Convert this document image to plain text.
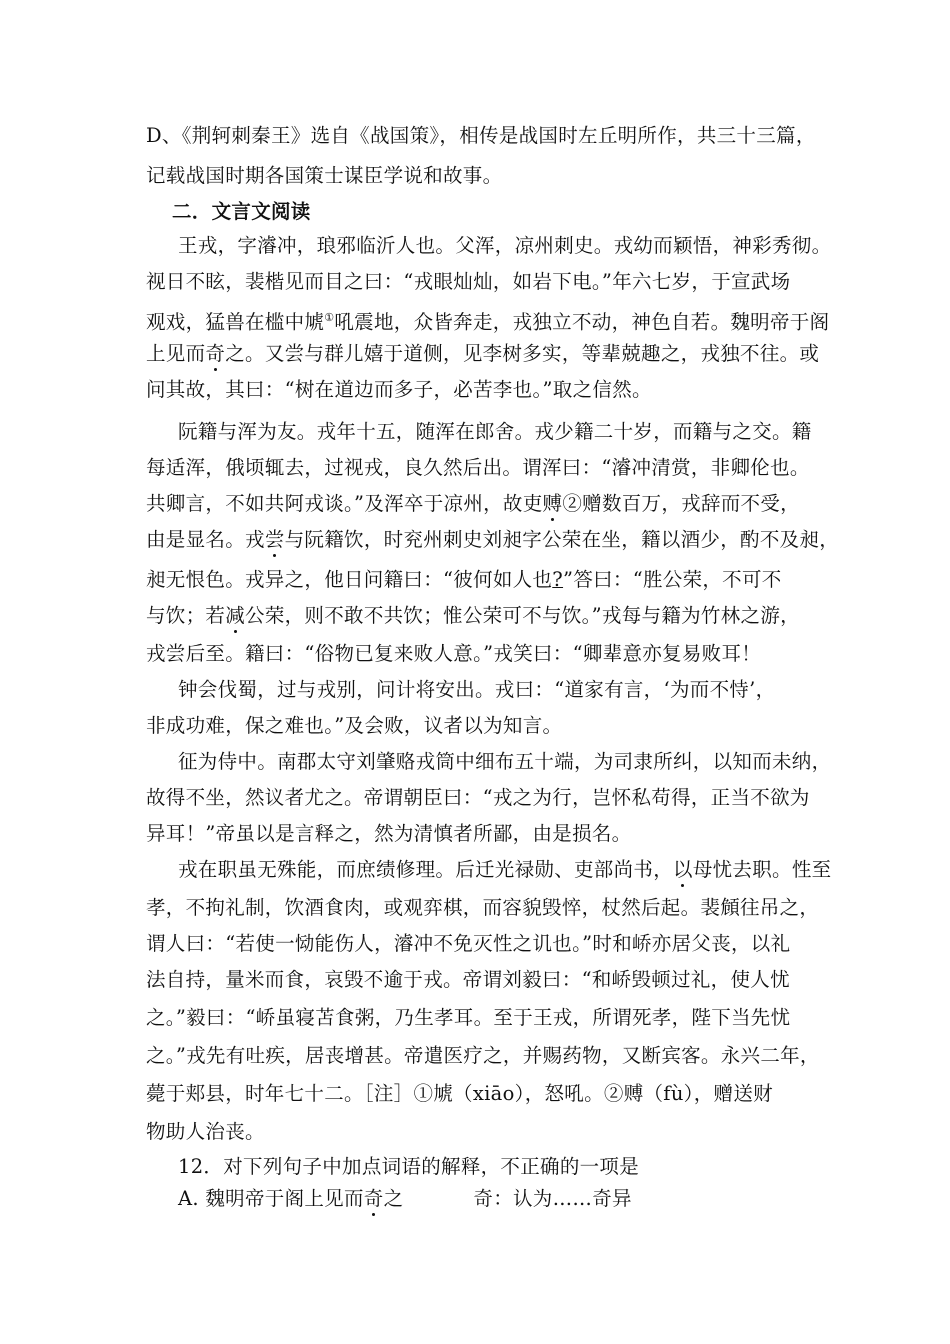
D、《荆轲刺秦王》选自《战国策》，相传是战国时左丘明所作，共三十三篇，
记载战国时期各国策士谋臣学说和故事。
二．文言文阅读
王戎，字濬冲，琅邪临沂人也。父浑，凉州刺史。戎幼而颖悟，神彩秀彻。
视日不眩，裴楷见而目之曰：“戎眼灿灿，如岩下电。”年六七岁，于宣武场
观戏，猛兽在槛中虓①吼震地，众皆奔走，戎独立不动，神色自若。魏明帝于阁
上见而奇之。又尝与群儿嬉于道侧，见李树多实，等辈兢趣之，戎独不往。或
问其故，其曰：“树在道边而多子，必苦李也。”取之信然。
阮籍与浑为友。戎年十五，随浑在郎舍。戎少籍二十岁，而籍与之交。籍
每适浑，俄顷辄去，过视戎，良久然后出。谓浑曰：“濬冲清赏，非卿伦也。
共卿言，不如共阿戎谈。”及浑卒于凉州，故吏赙②赠数百万，戎辞而不受，
由是显名。戎尝与阮籍饮，时兖州刺史刘昶字公荣在坐，籍以酒少，酌不及昶，
昶无恨色。戎异之，他日问籍曰：“彼何如人也?”答曰：“胜公荣，不可不
与饮；若减公荣，则不敢不共饮；惟公荣可不与饮。”戎每与籍为竹林之游，
戎尝后至。籍曰：“俗物已复来败人意。”戎笑曰：“卿辈意亦复易败耳！
钟会伐蜀，过与戎别，问计将安出。戎曰：“道家有言，‘为而不恃’，
非成功难，保之难也。”及会败，议者以为知言。
征为侍中。南郡太守刘肇赂戎筒中细布五十端，为司隶所纠，以知而未纳，
故得不坐，然议者尤之。帝谓朝臣曰：“戎之为行，岂怀私苟得，正当不欲为
异耳！”帝虽以是言释之，然为清慎者所鄙，由是损名。
戎在职虽无殊能，而庶绩修理。后迁光禄勋、吏部尚书，以母忧去职。性至
孝，不拘礼制，饮酒食肉，或观弈棋，而容貌毁悴，杖然后起。裴頠往吊之，
谓人曰：“若使一恸能伤人，濬冲不免灭性之讥也。”时和峤亦居父丧，以礼
法自持，量米而食，哀毁不逾于戎。帝谓刘毅曰：“和峤毁顿过礼，使人忧
之。”毅曰：“峤虽寝苫食粥，乃生孝耳。至于王戎，所谓死孝，陛下当先忧
之。”戎先有吐疾，居丧增甚。帝遣医疗之，并赐药物，又断宾客。永兴二年，
薨于郏县，时年七十二。［注］①虓（xiāo），怒吼。②赙（fù），赠送财
物助人治丧。
12．对下列句子中加点词语的解释，不正确的一项是
A. 魏明帝于阁上见而奇之	奇：认为……奇异
